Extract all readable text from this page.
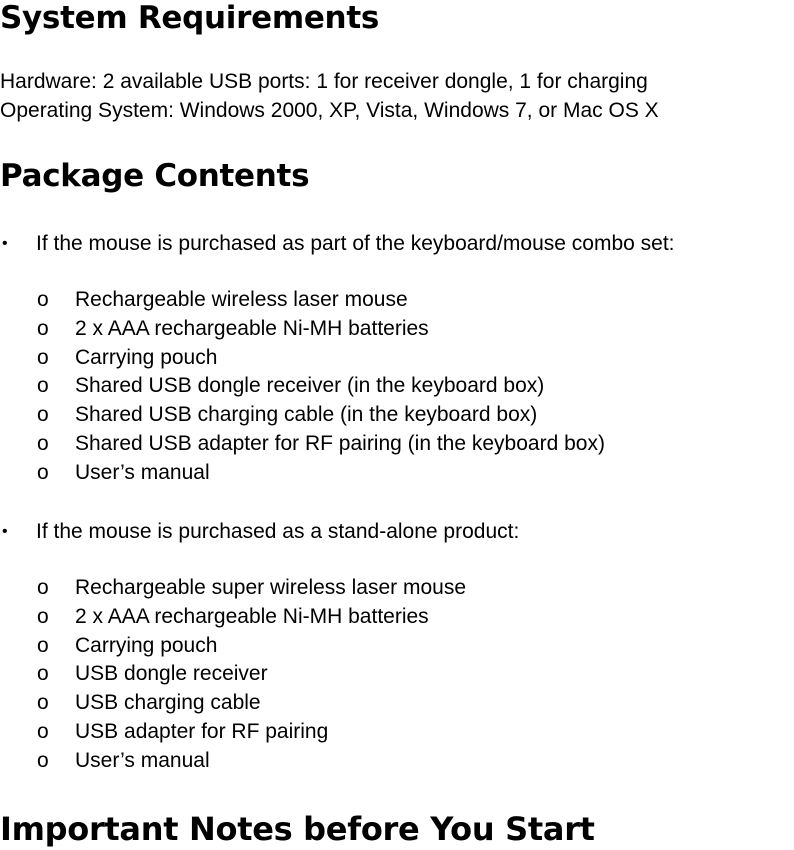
System Requirements

Hardware: 2 available USB ports: 1 for receiver dongle, 1 for charging

Operating System: Windows 2000, XP, Vista, Windows 7, or Mac OS X

Package Contents
• If the mouse is purchased as part of the keyboard/mouse combo set:
o Rechargeable wireless laser mouse
o 2 x AAA rechargeable Ni-MH batteries
o Carrying pouch
o Shared USB dongle receiver (in the keyboard box)
o Shared USB charging cable (in the keyboard box)
o Shared USB adapter for RF pairing (in the keyboard box)
o User’s manual
• If the mouse is purchased as a stand-alone product:
o Rechargeable super wireless laser mouse
o 2 x AAA rechargeable Ni-MH batteries
o Carrying pouch
o USB dongle receiver
o USB charging cable
o USB adapter for RF pairing
o User’s manual
Important Notes before You Start
